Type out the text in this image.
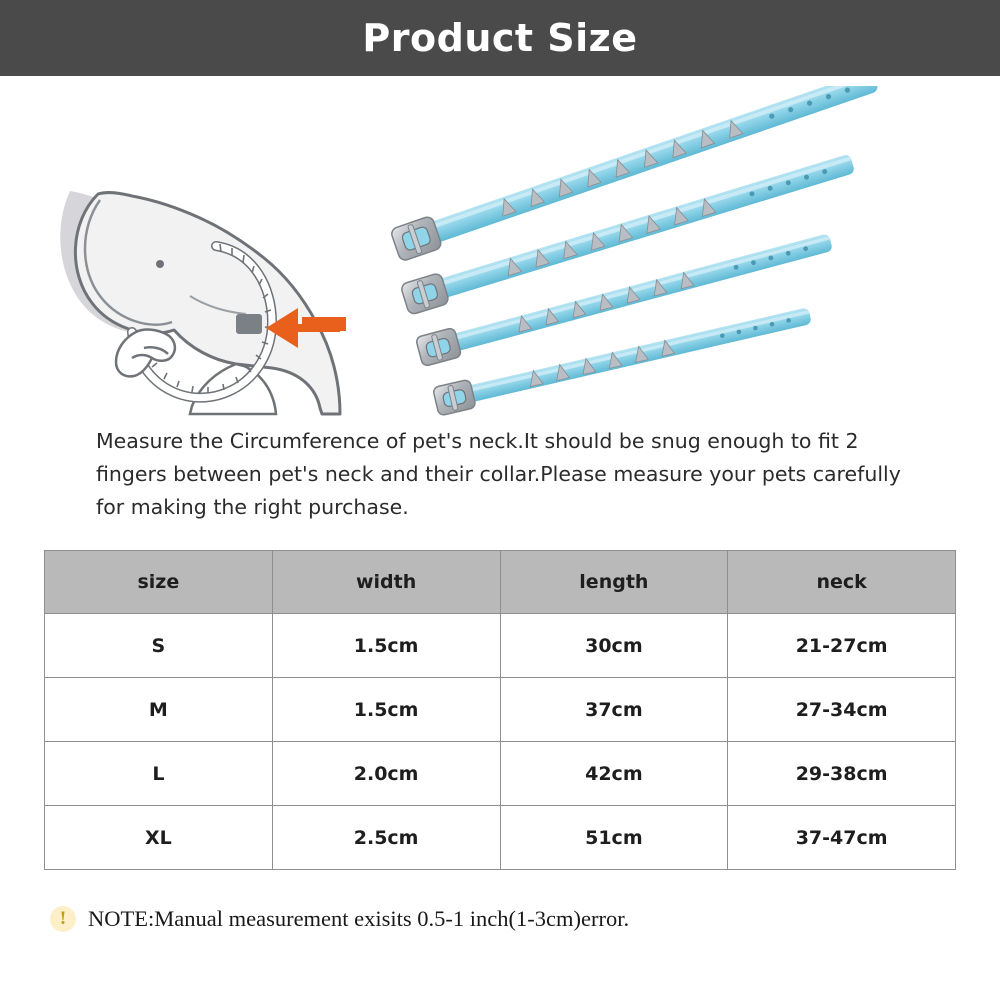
Product Size

Measure the Circumference of pet's neck.It should be snug enough to fit 2 fingers between pet's neck and their collar.Please measure your pets carefully for making the right purchase.

size	width	length	neck
S	1.5cm	30cm	21-27cm
M	1.5cm	37cm	27-34cm
L	2.0cm	42cm	29-38cm
XL	2.5cm	51cm	37-47cm
! NOTE:Manual measurement exisits 0.5-1 inch(1-3cm)error.
